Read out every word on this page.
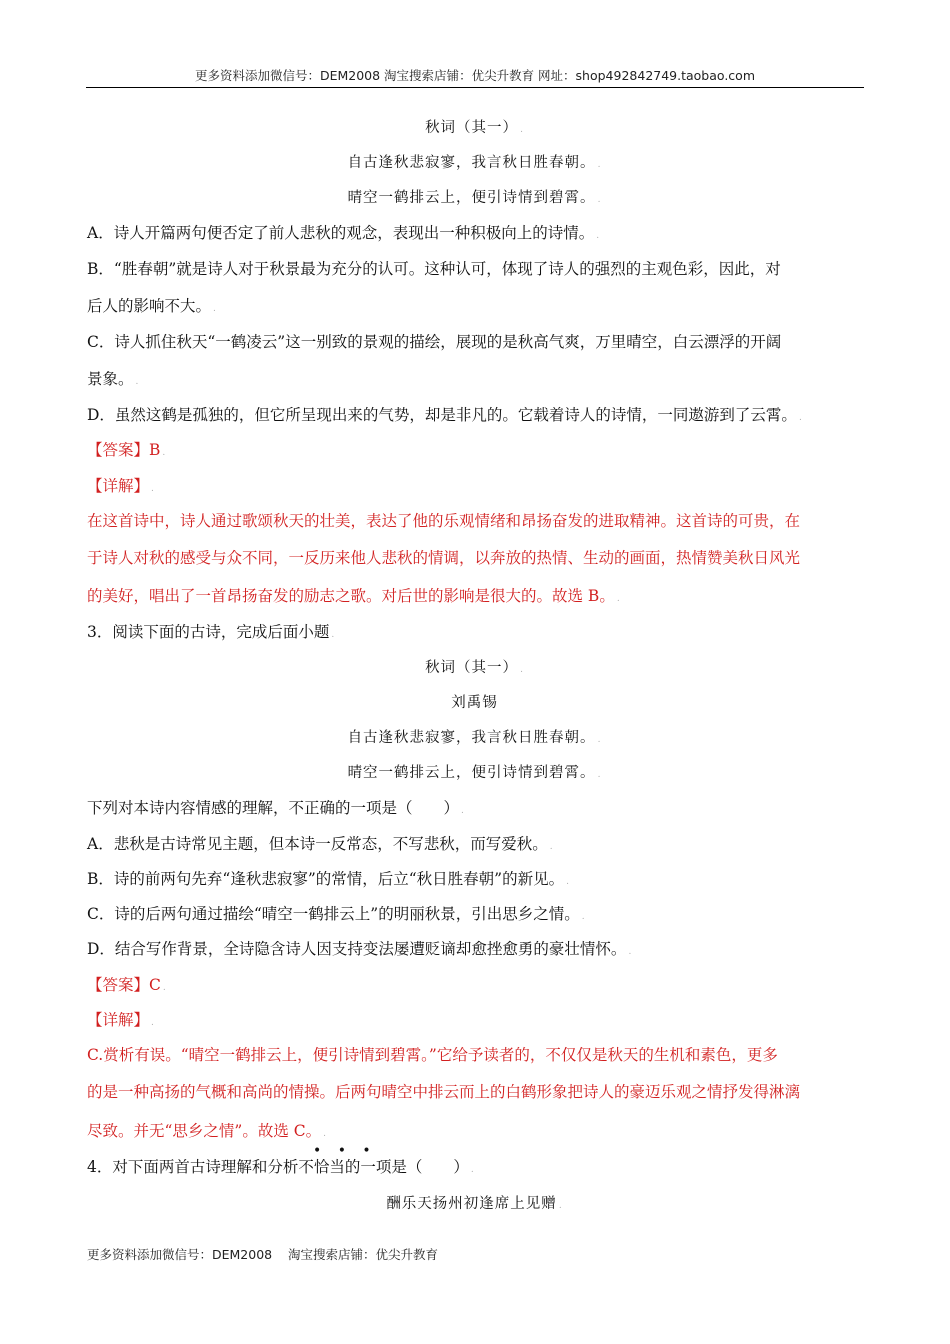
更多资料添加微信号：DEM2008 淘宝搜索店铺：优尖升教育 网址：shop492842749.taobao.com
秋词（其一） .
自古逢秋悲寂寥，我言秋日胜春朝。 .
晴空一鹤排云上，便引诗情到碧霄。 .
A．诗人开篇两句便否定了前人悲秋的观念，表现出一种积极向上的诗情。 .
B．“胜春朝”就是诗人对于秋景最为充分的认可。这种认可，体现了诗人的强烈的主观色彩，因此，对
后人的影响不大。 .
C．诗人抓住秋天“一鹤凌云”这一别致的景观的描绘，展现的是秋高气爽，万里晴空，白云漂浮的开阔
景象。 .
D．虽然这鹤是孤独的，但它所呈现出来的气势，却是非凡的。它载着诗人的诗情，一同遨游到了云霄。 .
【答案】B .
【详解】 .
在这首诗中，诗人通过歌颂秋天的壮美，表达了他的乐观情绪和昂扬奋发的进取精神。这首诗的可贵，在
于诗人对秋的感受与众不同，一反历来他人悲秋的情调，以奔放的热情、生动的画面，热情赞美秋日风光
的美好，唱出了一首昂扬奋发的励志之歌。对后世的影响是很大的。故选 B。 .
3．阅读下面的古诗，完成后面小题 .
秋词（其一） .
刘禹锡
自古逢秋悲寂寥，我言秋日胜春朝。 .
晴空一鹤排云上，便引诗情到碧霄。 .
下列对本诗内容情感的理解，不正确的一项是（　　） .
A．悲秋是古诗常见主题，但本诗一反常态，不写悲秋，而写爱秋。 .
B．诗的前两句先弃“逢秋悲寂寥”的常情，后立“秋日胜春朝”的新见。 .
C．诗的后两句通过描绘“晴空一鹤排云上”的明丽秋景，引出思乡之情。 .
D．结合写作背景，全诗隐含诗人因支持变法屡遭贬谪却愈挫愈勇的豪壮情怀。 .
【答案】C .
【详解】 .
C.赏析有误。“晴空一鹤排云上，便引诗情到碧霄。”它给予读者的，不仅仅是秋天的生机和素色，更多
的是一种高扬的气概和高尚的情操。后两句晴空中排云而上的白鹤形象把诗人的豪迈乐观之情抒发得淋漓
尽致。并无“思乡之情”。故选 C。 .
• • •
4．对下面两首古诗理解和分析不恰当的一项是（　　） .
酬乐天扬州初逢席上见赠 .
更多资料添加微信号：DEM2008    淘宝搜索店铺：优尖升教育
